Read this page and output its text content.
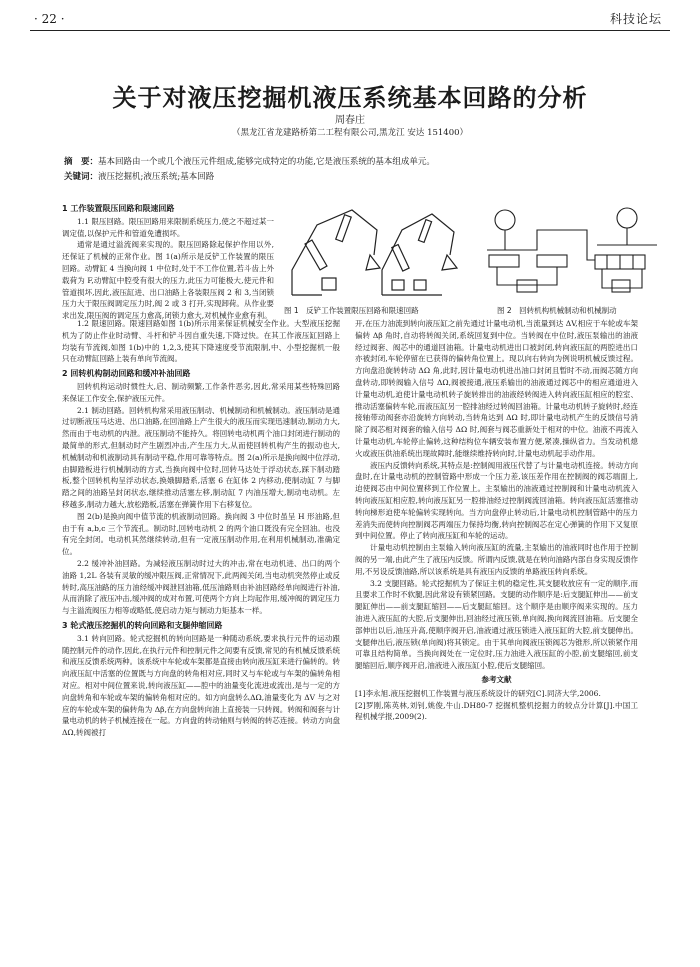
· 22 ·	科技论坛
关于对液压挖掘机液压系统基本回路的分析
周春庄
（黑龙江省龙建路桥第二工程有限公司,黑龙江 安达 151400）
摘　要：基本回路由一个或几个液压元件组成,能够完成特定的功能,它是液压系统的基本组成单元。
关键词：液压挖掘机;液压系统;基本回路
1 工作装置限压回路和限速回路

1.1 限压回路。限压回路用来限制系统压力,使之不超过某一调定值,以保护元件和管道免遭损坏。

通常是通过溢流阀来实现的。限压回路除起保护作用以外,还保证了机械的正常作业。图 1(a)所示是反铲工作装置的限压回路。动臂缸 4 当换向阀 1 中位时,处于不工作位置,若斗齿上外载荷为 F,动臂缸中腔受有很大的压力,此压力可能极大,使元件和管道损坏,因此,液压缸进、出口油路上各装限压阀 2 和 3,当闭锁压力大于限压阀调定压力时,阀 2 或 3 打开,实现卸荷。从作业要求出发,限压阀的调定压力愈高,闭锁力愈大,对机械作业愈有利。

1.2 限速回路。限速回路如图 1(b)所示用来保证机械安全作业。大型液压挖掘机为了防止作业时动臂、斗杆和铲斗因自重失速,下降过快。在其工作液压缸回路上均装有节流阀,如图 1(b)中的 1,2,3,使其下降速度受节流限制,中、小型挖掘机一般只在动臂缸回路上装有单向节流阀。

2 回转机构制动回路和缓冲补油回路

回转机构运动时惯性大,启、制动频繁,工作条件恶劣,因此,常采用某些特殊回路来保证工作安全,保护液压元件。

2.1 制动回路。回转机构常采用液压制动、机械制动和机械制动。液压制动是通过切断液压马达进、出口油路,在回油路上产生很大的液压而实现迅速制动,制动力大,然而由于电动机的内泄。液压制动不能持久。将回转电动机两个油口封闭进行制动的最简单的形式,但制动时产生剧烈冲击,产生压力大,从而使回转机构产生的振动也大,机械制动和机液制动具有制动平稳,作用可靠等特点。图 2(a)所示是换向阀中位浮动,由脚踏板进行机械制动的方式,当换向阀中位时,回转马达处于浮动状态,踩下制动踏板,整个回转机构呈浮动状态,换娥脚踏系,活塞 6 在缸体 2 内移动,使制动缸 7 与脚踏之间的油路呈封闭状态,继续推动活塞左移,制动缸 7 内油压增大,制动电动机。左移越多,制动力越大,放松踏板,活塞在弹簧作用下右移复位。

图 2(b)是换向阀中值节流的机液制动回路。换向阀 3 中位时虽呈 H 形油路,但由于有 a,b,c 三个节流孔。制动时,回转电动机 2 的两个油口既没有完全回油。也没有完全封闭。电动机其然继续转动,但有一定液压制动作用,在利用机械制动,准确定位。

2.2 缓冲补油回路。为减轻液压制动时过大的冲击,常在电动机进、出口的两个油路 1,2L 各装有灵敏的缓冲限压阀,正常情况下,此两阀关闭,当电动机突然停止或反转时,高压油路的压力油经缓冲阀泄回油箱,低压油路则由补油回路经单向阀进行补油,从而消除了液压冲击,缓冲阀的成对布置,可使两个方向上均起作用,缓冲阀的调定压力与主溢流阀压力相等或略低,使启动力矩与制动力矩基本一样。

3 轮式液压挖掘机的转向回路和支腿伸缩回路

3.1 转向回路。轮式挖掘机的转向回路是一种随动系统,要求执行元件的运动跟随控制元件的动作,因此,在执行元件和控制元件之间要有反馈,常见的有机械反馈系统和液压反馈系统两种。该系统中车轮或车架都是直接由转向液压缸来进行偏转的。转向液压缸中活塞的位置既与方向盘的转角相对应,同时又与车轮或与车架的偏转角相对应。相对中间位置来说,转向液压缸——腔中的油量变化流进或流出,是与一定的方向盘转角和车轮或车架的偏转角相对应的。如方向盘转么ΔΩ,油量变化为 ΔV 与之对应的车轮或车架的偏转角为 Δβ,在方向盘转向油上直接装一只转阀。转阀和阀套与计量电动机的转子机械连接在一起。方向盘的转动轴则与转阀的转芯连接。转动方向盘 ΔΩ,转阀被打

图 1　反铲工作装置限压回路和限速回路	图 2　回转机构机械制动和机械制动

开,在压力油流到转向液压缸之前先通过计量电动机,当流量到达 ΔV,相应于车轮或车架偏转 Δβ 角时,自动将转阀关闭,系统回复到中位。当转阀在中位时,液压泵输出的油液经过阀套、阀芯中的通道回油箱。计量电动机进出口被封闭,转向液压缸的两腔进出口亦被封闭,车轮停留在已获得的偏转角位置上。现以向右转向为例说明机械反馈过程。方向盘沿旋转转动 ΔΩ 角,此时,因计量电动机进出油口封闭且暂时不动,而阀芯随方向盘转动,即转阀输入信号 ΔΩ,阀被接通,液压系输出的油液通过阀芯中的相应通道进入计量电动机,迫使计量电动机转子旋转排出的油液经转阀进入转向液压缸相应的腔室、推动活塞偏转车轮,而液压缸另一腔排油经过转阀回油箱。计量电动机转子旋转时,经连接轴带动阀套亦沿旋转方向转动,当转角达到 ΔΩ 时,即计量电动机产生的反馈信号消除了阀芯相对阀套的输入信号 ΔΩ 时,阀套与阀芯重新处于相对的中位。油液不再流入计量电动机,车轮停止偏转,这种结构位车辆安装布置方便,紧凑,操纵省力。当发动机熄火或液压供油系统出现故障时,能继续维持转向时,计量电动机起手动作用。

液压内反馈转向系统,其特点是:控制阀用液压代替了与计量电动机连接。转动方向盘时,在计量电动机的控制管路中形成一个压力差,该压差作用在控制阀的阀芯端面上,迫使阀芯由中间位置移到工作位置上。主泵输出的油液通过控制阀和计量电动机流入转向液压缸相应腔,转向液压缸另一腔排油经过控制阀流回油箱。转向液压缸活塞推动转向梯形迫使车轮偏转实现转向。当方向盘停止转动后,计量电动机控制管路中的压力差消失而使转向控制阀芯两端压力保持均衡,转向控制阀芯在定心弹簧的作用下又复原到中间位置。停止了转向液压缸和车轮的运动。

计量电动机控制由主泵输入转向液压缸的流量,主泵输出的油液同时也作用于控制阀的另一端,由此产生了液压内反馈。所谓内反馈,就是在转向油路内部自身实现反馈作用,不另设反馈油路,所以该系统是具有液压内反馈的单路液压转向系统。

3.2 支腿回路。轮式挖掘机为了保证主机的稳定性,其支腿收放应有一定的顺序,而且要求工作时不软腿,因此常设有锁紧回路。支腿的动作顺序是:后支腿缸伸出——前支腿缸伸出——前支腿缸缩回——后支腿缸缩回。这个顺序是由顺序阀来实现的。压力油进入液压缸的大腔,后支腿伸出,回油经过液压锁,单向阀,换向阀流回油箱。后支腿全部伸出以后,油压升高,使顺序阀开启,油液通过液压锁进入液压缸的大腔,前支腿伸出。支腿伸出后,液压锁(单向阀)将其锁定。由于其单向阀液压锁阀芯为锥形,所以锁紧作用可靠且结构简单。当换向阀处在一定位时,压力油进入液压缸的小腔,前支腿缩回,前支腿缩回后,顺序阀开启,油液进入液压缸小腔,使后支腿缩回。

参考文献

[1]李永旭.液压挖掘机工作装置与液压系统设计的研究[C].同济大学,2006.

[2]罗刚,陈英林,刘钊,姚俊,牛山.DH80-7 挖掘机整机挖掘力的较点分计算[J].中国工程机械学报,2009(2).
